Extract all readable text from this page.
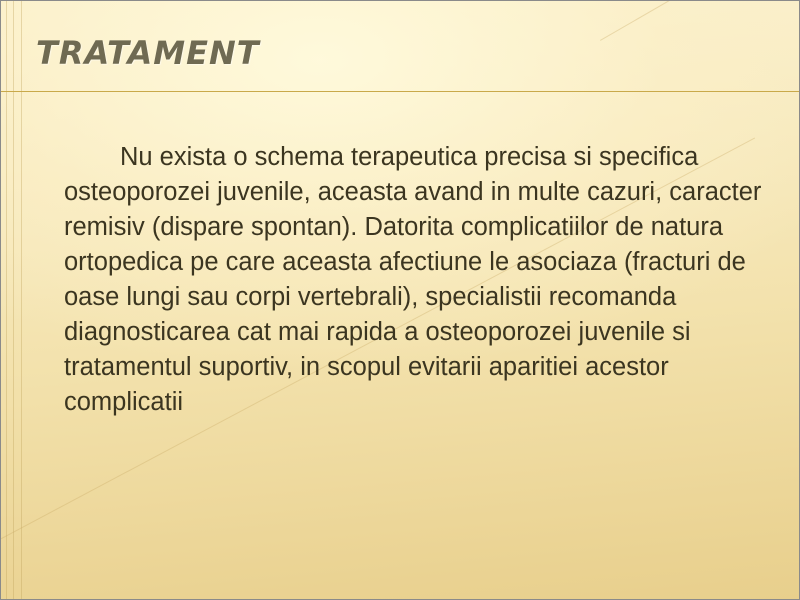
TRATAMENT

Nu exista o schema terapeutica precisa si specifica osteoporozei juvenile, aceasta avand in multe cazuri, caracter remisiv (dispare spontan). Datorita complicatiilor de natura ortopedica pe care aceasta afectiune le asociaza (fracturi de oase lungi sau corpi vertebrali), specialistii recomanda diagnosticarea cat mai rapida a osteoporozei juvenile si tratamentul suportiv, in scopul evitarii aparitiei acestor complicatii
